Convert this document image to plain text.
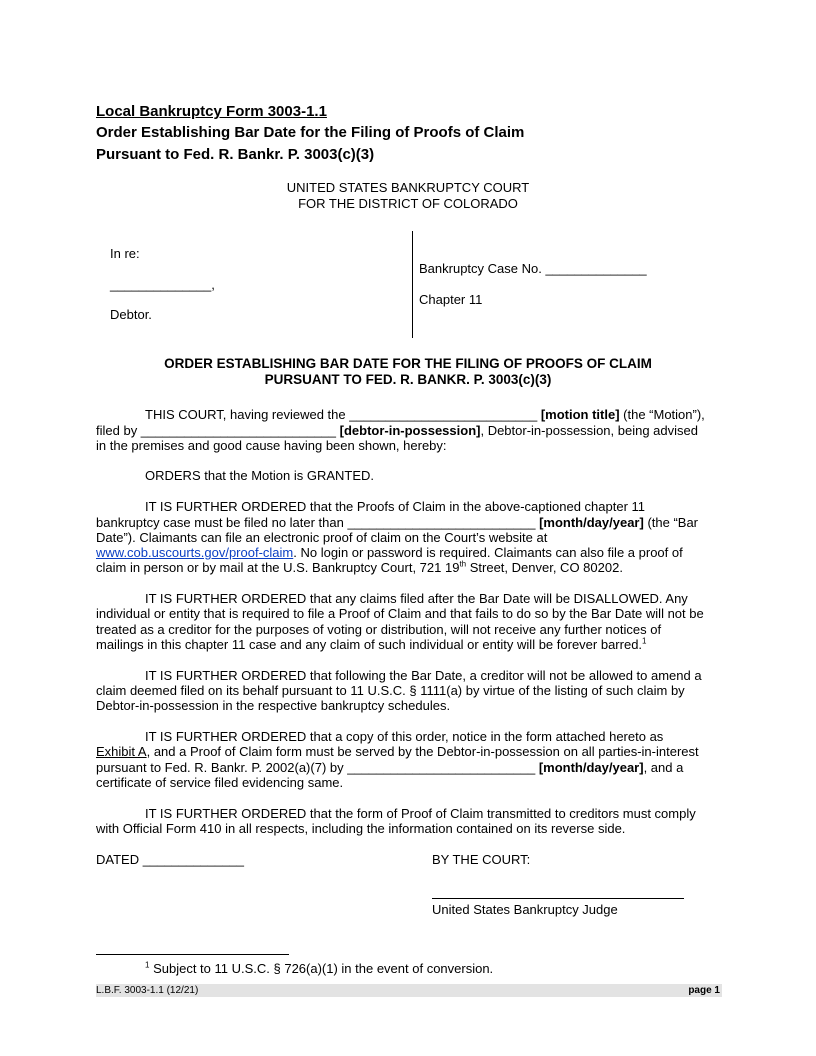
Local Bankruptcy Form 3003-1.1
Order Establishing Bar Date for the Filing of Proofs of Claim
Pursuant to Fed. R. Bankr. P. 3003(c)(3)
UNITED STATES BANKRUPTCY COURT
FOR THE DISTRICT OF COLORADO
In re:
______________,
Debtor.
Bankruptcy Case No. ______________
Chapter 11
ORDER ESTABLISHING BAR DATE FOR THE FILING OF PROOFS OF CLAIM
PURSUANT TO FED. R. BANKR. P. 3003(c)(3)
THIS COURT, having reviewed the __________________________ [motion title] (the “Motion”),
filed by ___________________________ [debtor-in-possession], Debtor-in-possession, being advised
in the premises and good cause having been shown, hereby:
ORDERS that the Motion is GRANTED.
IT IS FURTHER ORDERED that the Proofs of Claim in the above-captioned chapter 11
bankruptcy case must be filed no later than __________________________ [month/day/year] (the “Bar
Date”). Claimants can file an electronic proof of claim on the Court’s website at
www.cob.uscourts.gov/proof-claim. No login or password is required. Claimants can also file a proof of
claim in person or by mail at the U.S. Bankruptcy Court, 721 19th Street, Denver, CO 80202.
IT IS FURTHER ORDERED that any claims filed after the Bar Date will be DISALLOWED. Any
individual or entity that is required to file a Proof of Claim and that fails to do so by the Bar Date will not be
treated as a creditor for the purposes of voting or distribution, will not receive any further notices of
mailings in this chapter 11 case and any claim of such individual or entity will be forever barred.$^1$
IT IS FURTHER ORDERED that following the Bar Date, a creditor will not be allowed to amend a
claim deemed filed on its behalf pursuant to 11 U.S.C. § 1111(a) by virtue of the listing of such claim by
Debtor-in-possession in the respective bankruptcy schedules.
IT IS FURTHER ORDERED that a copy of this order, notice in the form attached hereto as
Exhibit A, and a Proof of Claim form must be served by the Debtor-in-possession on all parties-in-interest
pursuant to Fed. R. Bankr. P. 2002(a)(7) by __________________________ [month/day/year], and a
certificate of service filed evidencing same.
IT IS FURTHER ORDERED that the form of Proof of Claim transmitted to creditors must comply
with Official Form 410 in all respects, including the information contained on its reverse side.
DATED ______________	BY THE COURT:
United States Bankruptcy Judge
$^1$ Subject to 11 U.S.C. § 726(a)(1) in the event of conversion.
L.B.F. 3003-1.1 (12/21)	page 1
